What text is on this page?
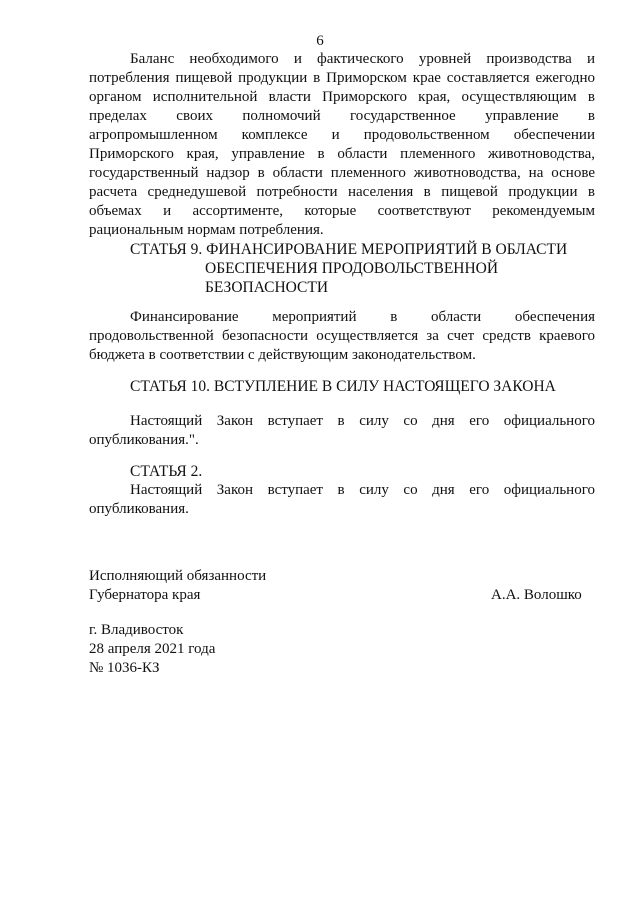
6
Баланс необходимого и фактического уровней производства и
потребления пищевой продукции в Приморском крае составляется ежегодно
органом исполнительной власти Приморского края, осуществляющим в
пределах своих полномочий государственное управление в
агропромышленном комплексе и продовольственном обеспечении
Приморского края, управление в области племенного животноводства,
государственный надзор в области племенного животноводства, на основе
расчета среднедушевой потребности населения в пищевой продукции в
объемах и ассортименте, которые соответствуют рекомендуемым
рациональным нормам потребления.
СТАТЬЯ 9. ФИНАНСИРОВАНИЕ МЕРОПРИЯТИЙ В ОБЛАСТИ
ОБЕСПЕЧЕНИЯ ПРОДОВОЛЬСТВЕННОЙ
БЕЗОПАСНОСТИ
Финансирование мероприятий в области обеспечения
продовольственной безопасности осуществляется за счет средств краевого
бюджета в соответствии с действующим законодательством.
СТАТЬЯ 10. ВСТУПЛЕНИЕ В СИЛУ НАСТОЯЩЕГО ЗАКОНА
Настоящий Закон вступает в силу со дня его официального
опубликования.".
СТАТЬЯ 2.
Настоящий Закон вступает в силу со дня его официального
опубликования.
Исполняющий обязанности
Губернатора края	А.А. Волошко
г. Владивосток
28 апреля 2021 года
№ 1036-КЗ
